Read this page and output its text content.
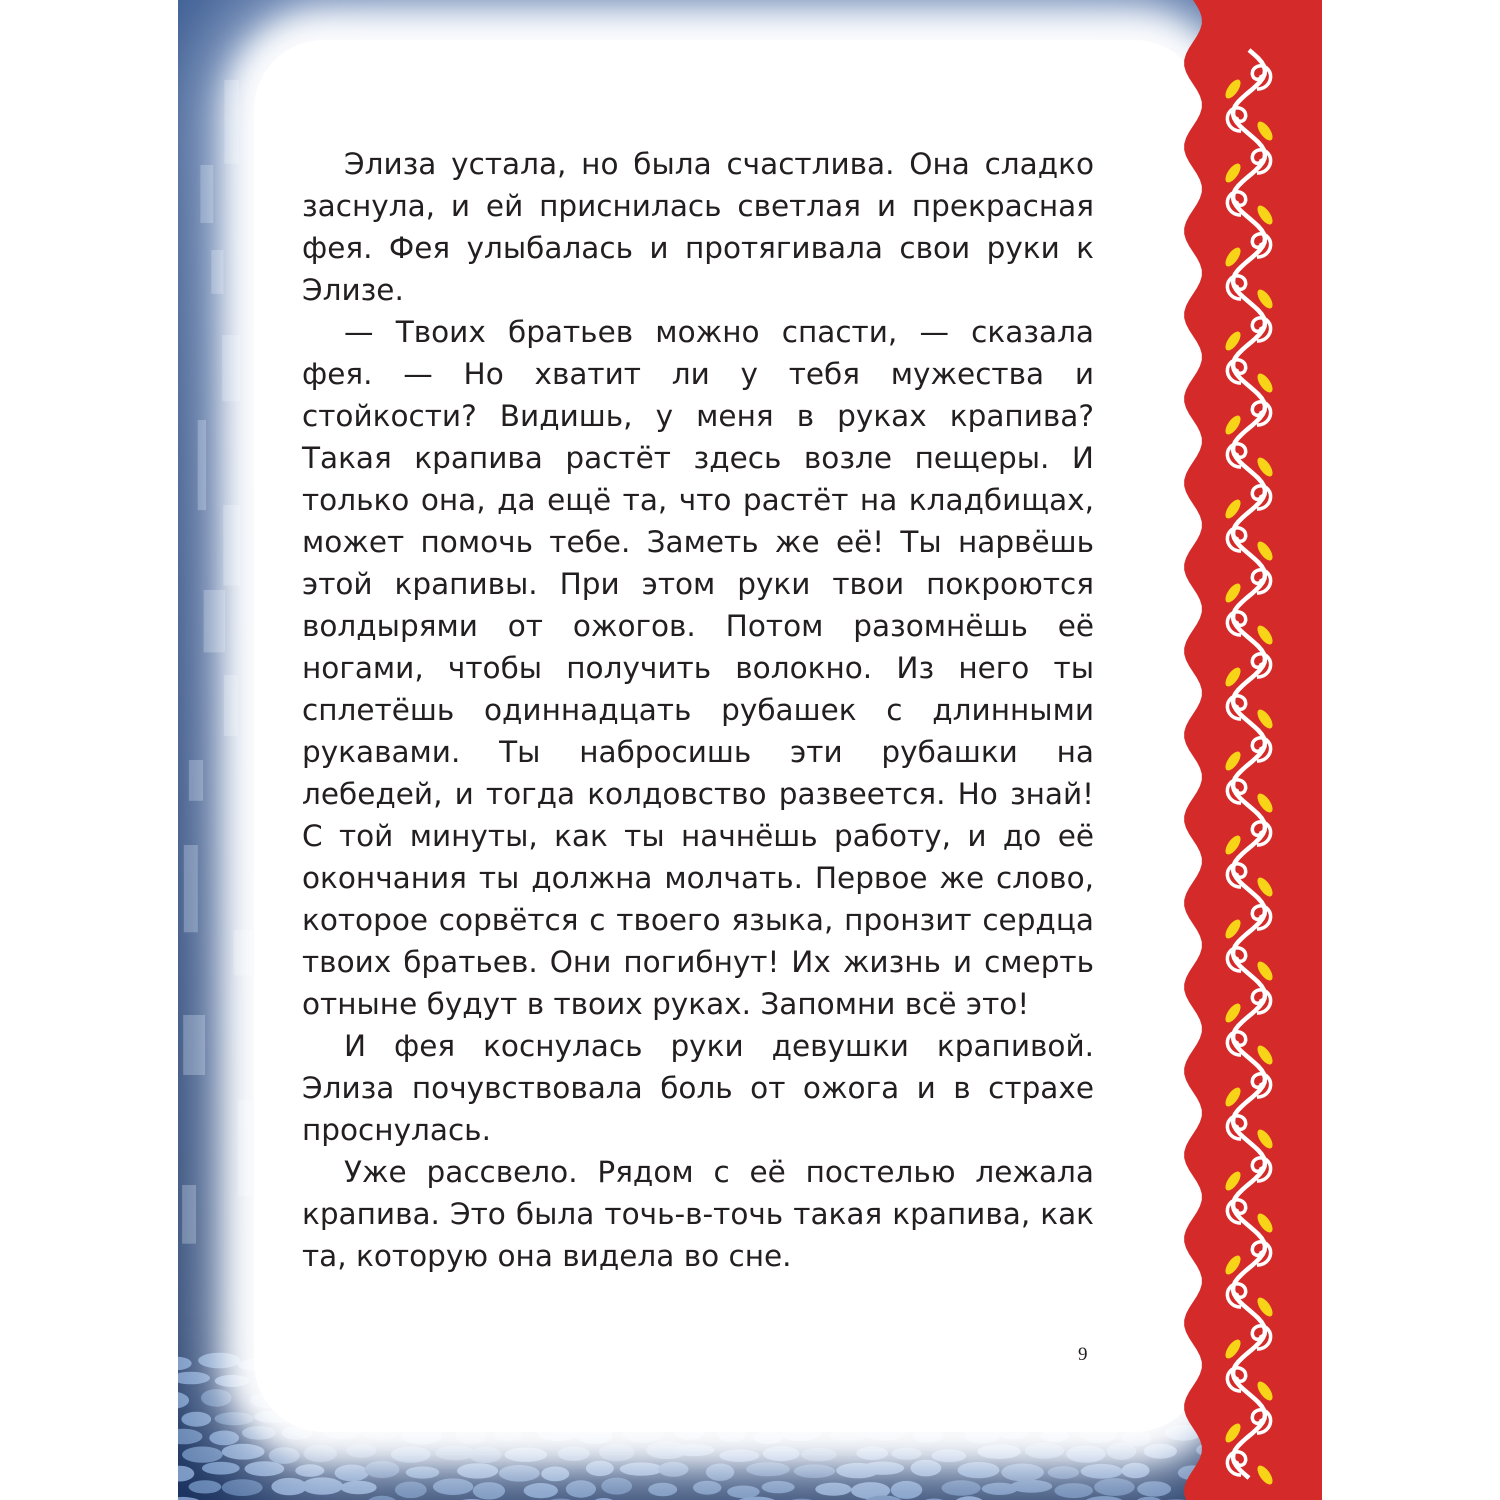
Элиза устала, но была счастлива. Она сладко заснула, и ей приснилась светлая и прекрасная фея. Фея улыбалась и протягивала свои руки к Элизе.

— Твоих братьев можно спасти, — сказала фея. — Но хватит ли у тебя мужества и стойкости? Видишь, у меня в руках крапива? Такая крапива растёт здесь возле пещеры. И только она, да ещё та, что растёт на кладбищах, может помочь тебе. Заметь же её! Ты нарвёшь этой крапивы. При этом руки твои покроются волдырями от ожогов. Потом разомнёшь её ногами, чтобы получить волокно. Из него ты сплетёшь одиннадцать рубашек с длинными рукавами. Ты набросишь эти рубашки на лебедей, и тогда колдовство развеется. Но знай! С той минуты, как ты начнёшь работу, и до её окончания ты должна молчать. Первое же слово, которое сорвётся с твоего языка, пронзит сердца твоих братьев. Они погибнут! Их жизнь и смерть отныне будут в твоих руках. Запомни всё это!

И фея коснулась руки девушки крапивой. Элиза почувствовала боль от ожога и в страхе проснулась.

Уже рассвело. Рядом с её постелью лежала крапива. Это была точь-в-точь такая крапива, как та, которую она видела во сне.

9
